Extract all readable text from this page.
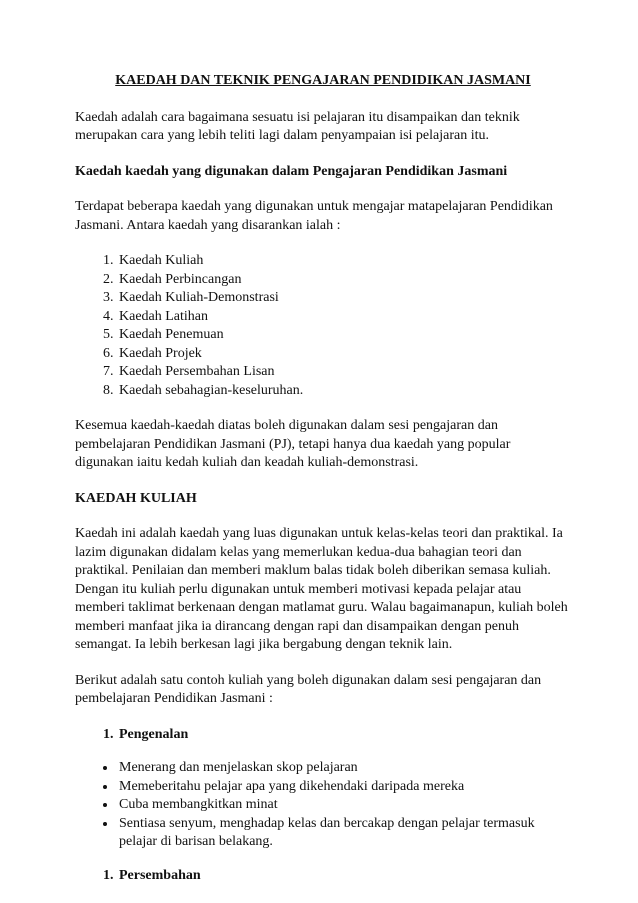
KAEDAH DAN TEKNIK PENGAJARAN PENDIDIKAN JASMANI

Kaedah adalah cara bagaimana sesuatu isi pelajaran itu disampaikan dan teknik merupakan cara yang lebih teliti lagi dalam penyampaian isi pelajaran itu.

Kaedah kaedah yang digunakan dalam Pengajaran Pendidikan Jasmani

Terdapat beberapa kaedah yang digunakan untuk mengajar matapelajaran Pendidikan Jasmani. Antara kaedah yang disarankan ialah :

1. Kaedah Kuliah
2. Kaedah Perbincangan
3. Kaedah Kuliah-Demonstrasi
4. Kaedah Latihan
5. Kaedah Penemuan
6. Kaedah Projek
7. Kaedah Persembahan Lisan
8. Kaedah sebahagian-keseluruhan.

Kesemua kaedah-kaedah diatas boleh digunakan dalam sesi pengajaran dan pembelajaran Pendidikan Jasmani (PJ), tetapi hanya dua kaedah yang popular digunakan iaitu kedah kuliah dan keadah kuliah-demonstrasi.

KAEDAH KULIAH

Kaedah ini adalah kaedah yang luas digunakan untuk kelas-kelas teori dan praktikal. Ia lazim digunakan didalam kelas yang memerlukan kedua-dua bahagian teori dan praktikal. Penilaian dan memberi maklum balas tidak boleh diberikan semasa kuliah. Dengan itu kuliah perlu digunakan untuk memberi motivasi kepada pelajar atau memberi taklimat berkenaan dengan matlamat guru. Walau bagaimanapun, kuliah boleh memberi manfaat jika ia dirancang dengan rapi dan disampaikan dengan penuh semangat. Ia lebih berkesan lagi jika bergabung dengan teknik lain.

Berikut adalah satu contoh kuliah yang boleh digunakan dalam sesi pengajaran dan pembelajaran Pendidikan Jasmani :

1. Pengenalan
• Menerang dan menjelaskan skop pelajaran
• Memeberitahu pelajar apa yang dikehendaki daripada mereka
• Cuba membangkitkan minat
• Sentiasa senyum, menghadap kelas dan bercakap dengan pelajar termasuk pelajar di barisan belakang.
1. Persembahan
